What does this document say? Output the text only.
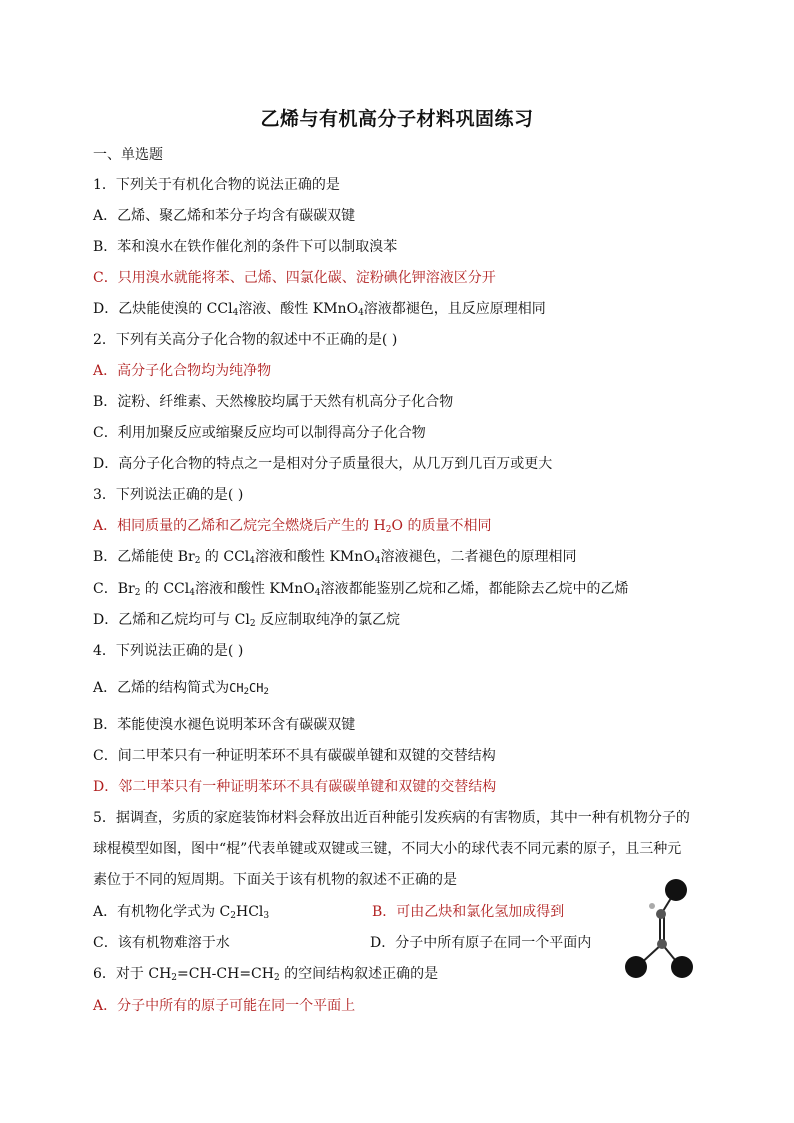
乙烯与有机高分子材料巩固练习
一、单选题
1．下列关于有机化合物的说法正确的是
A．乙烯、聚乙烯和苯分子均含有碳碳双键
B．苯和溴水在铁作催化剂的条件下可以制取溴苯
C．只用溴水就能将苯、己烯、四氯化碳、淀粉碘化钾溶液区分开
D．乙炔能使溴的 CCl$_4$溶液、酸性 KMnO$_4$溶液都褪色，且反应原理相同
2．下列有关高分子化合物的叙述中不正确的是( )
A．高分子化合物均为纯净物
B．淀粉、纤维素、天然橡胶均属于天然有机高分子化合物
C．利用加聚反应或缩聚反应均可以制得高分子化合物
D．高分子化合物的特点之一是相对分子质量很大，从几万到几百万或更大
3．下列说法正确的是( )
A．相同质量的乙烯和乙烷完全燃烧后产生的 $H_2O$ 的质量不相同
B．乙烯能使 $Br_2$ 的 CCl$_4$溶液和酸性 KMnO$_4$溶液褪色，二者褪色的原理相同
C．$Br_2$ 的 CCl$_4$溶液和酸性 KMnO$_4$溶液都能鉴别乙烷和乙烯，都能除去乙烷中的乙烯
D．乙烯和乙烷均可与 $Cl_2$ 反应制取纯净的氯乙烷
4．下列说法正确的是( )
A．乙烯的结构简式为$CH_2CH_2$
B．苯能使溴水褪色说明苯环含有碳碳双键
C．间二甲苯只有一种证明苯环不具有碳碳单键和双键的交替结构
D．邻二甲苯只有一种证明苯环不具有碳碳单键和双键的交替结构
5．据调查，劣质的家庭装饰材料会释放出近百种能引发疾病的有害物质，其中一种有机物分子的
球棍模型如图，图中“棍”代表单键或双键或三键，不同大小的球代表不同元素的原子，且三种元
素位于不同的短周期。下面关于该有机物的叙述不正确的是
A．有机物化学式为 $C_2HCl_3$	B．可由乙炔和氯化氢加成得到
C．该有机物难溶于水	D．分子中所有原子在同一个平面内
6．对于 $CH_2=CH-CH=CH_2$ 的空间结构叙述正确的是
A．分子中所有的原子可能在同一个平面上
